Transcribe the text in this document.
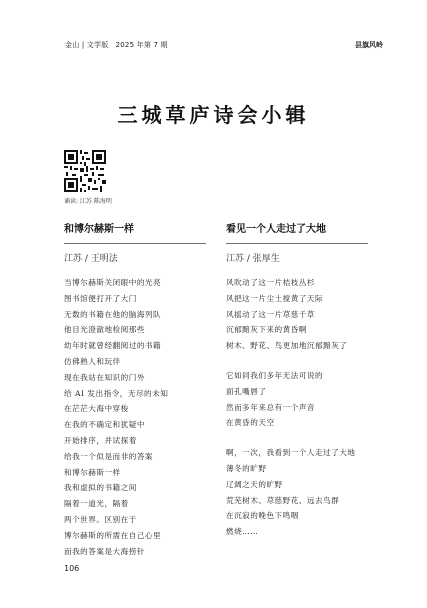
金山 | 文学版　2025 年第 7 期	县旗风岭
三城草庐诗会小辑
诵读: 江苏 陈海明
和博尔赫斯一样
江苏 / 王明法
当博尔赫斯关闭眼中的光亮
图书馆便打开了大门
无数的书籍在他的脑海列队
他目光澄澈地检阅那些
幼年时就曾经翻阅过的书籍
仿佛熟人和玩伴
现在我站在知识的门外
给 AI 发出指令，无尽的未知
在茫茫大海中穿梭
在我的不确定和犹疑中
开始排序，并试探着
给我一个似是而非的答案
和博尔赫斯一样
我和虚拟的书籍之间
隔着一道光，隔着
两个世界。区别在于
博尔赫斯的所需在自己心里
而我的答案是大海捞针
看见一个人走过了大地
江苏 / 张厚生
风吹动了这一片桔枝丛杉
风把这一片尘土搅黄了天际
风摇动了这一片荩慈千草
沉郁黯灰下来的黄昏啊
树木、野花、鸟更加地沉郁黯灰了
它如同我们多年无法可说的
面孔嘴唇了
然而多年来总有一个声音
在黄昏的天空
啊，一次，我看到一个人走过了大地
薄冬的旷野
辽阔之天的旷野
荒芜树木、荩慈野花、远去鸟群
在沉寂的晚色下鸣咽
燃烧……
106
